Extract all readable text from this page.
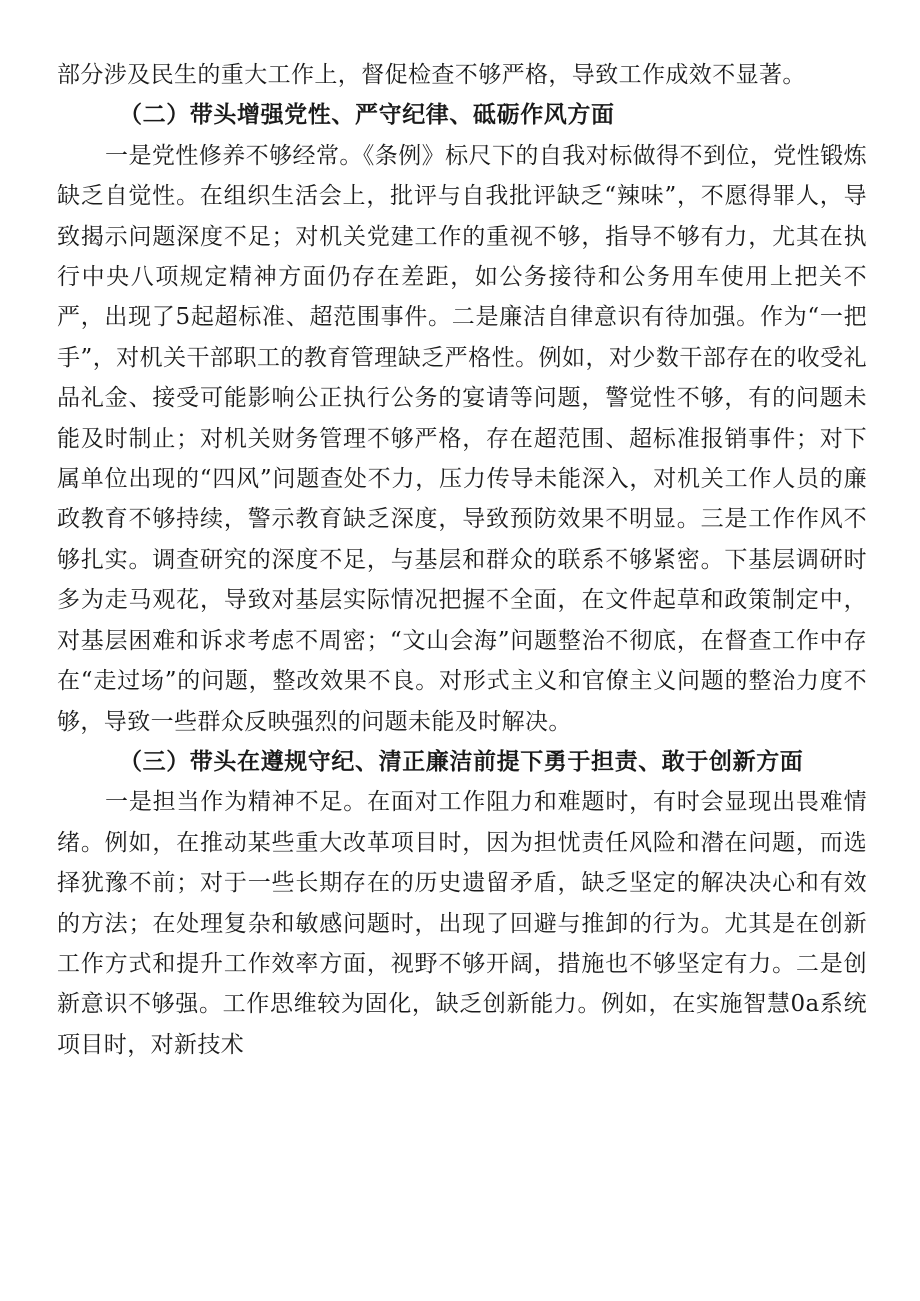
部分涉及民生的重大工作上，督促检查不够严格，导致工作成效不显著。

（二）带头增强党性、严守纪律、砥砺作风方面

一是党性修养不够经常。《条例》标尺下的自我对标做得不到位，党性锻炼缺乏自觉性。在组织生活会上，批评与自我批评缺乏“辣味”，不愿得罪人，导致揭示问题深度不足；对机关党建工作的重视不够，指导不够有力，尤其在执行中央八项规定精神方面仍存在差距，如公务接待和公务用车使用上把关不严，出现了5起超标准、超范围事件。二是廉洁自律意识有待加强。作为“一把手”，对机关干部职工的教育管理缺乏严格性。例如，对少数干部存在的收受礼品礼金、接受可能影响公正执行公务的宴请等问题，警觉性不够，有的问题未能及时制止；对机关财务管理不够严格，存在超范围、超标准报销事件；对下属单位出现的“四风”问题查处不力，压力传导未能深入，对机关工作人员的廉政教育不够持续，警示教育缺乏深度，导致预防效果不明显。三是工作作风不够扎实。调查研究的深度不足，与基层和群众的联系不够紧密。下基层调研时多为走马观花，导致对基层实际情况把握不全面，在文件起草和政策制定中，对基层困难和诉求考虑不周密；“文山会海”问题整治不彻底，在督查工作中存在“走过场”的问题，整改效果不良。对形式主义和官僚主义问题的整治力度不够，导致一些群众反映强烈的问题未能及时解决。

（三）带头在遵规守纪、清正廉洁前提下勇于担责、敢于创新方面

一是担当作为精神不足。在面对工作阻力和难题时，有时会显现出畏难情绪。例如，在推动某些重大改革项目时，因为担忧责任风险和潜在问题，而选择犹豫不前；对于一些长期存在的历史遗留矛盾，缺乏坚定的解决决心和有效的方法；在处理复杂和敏感问题时，出现了回避与推卸的行为。尤其是在创新工作方式和提升工作效率方面，视野不够开阔，措施也不够坚定有力。二是创新意识不够强。工作思维较为固化，缺乏创新能力。例如，在实施智慧0a系统项目时，对新技术
